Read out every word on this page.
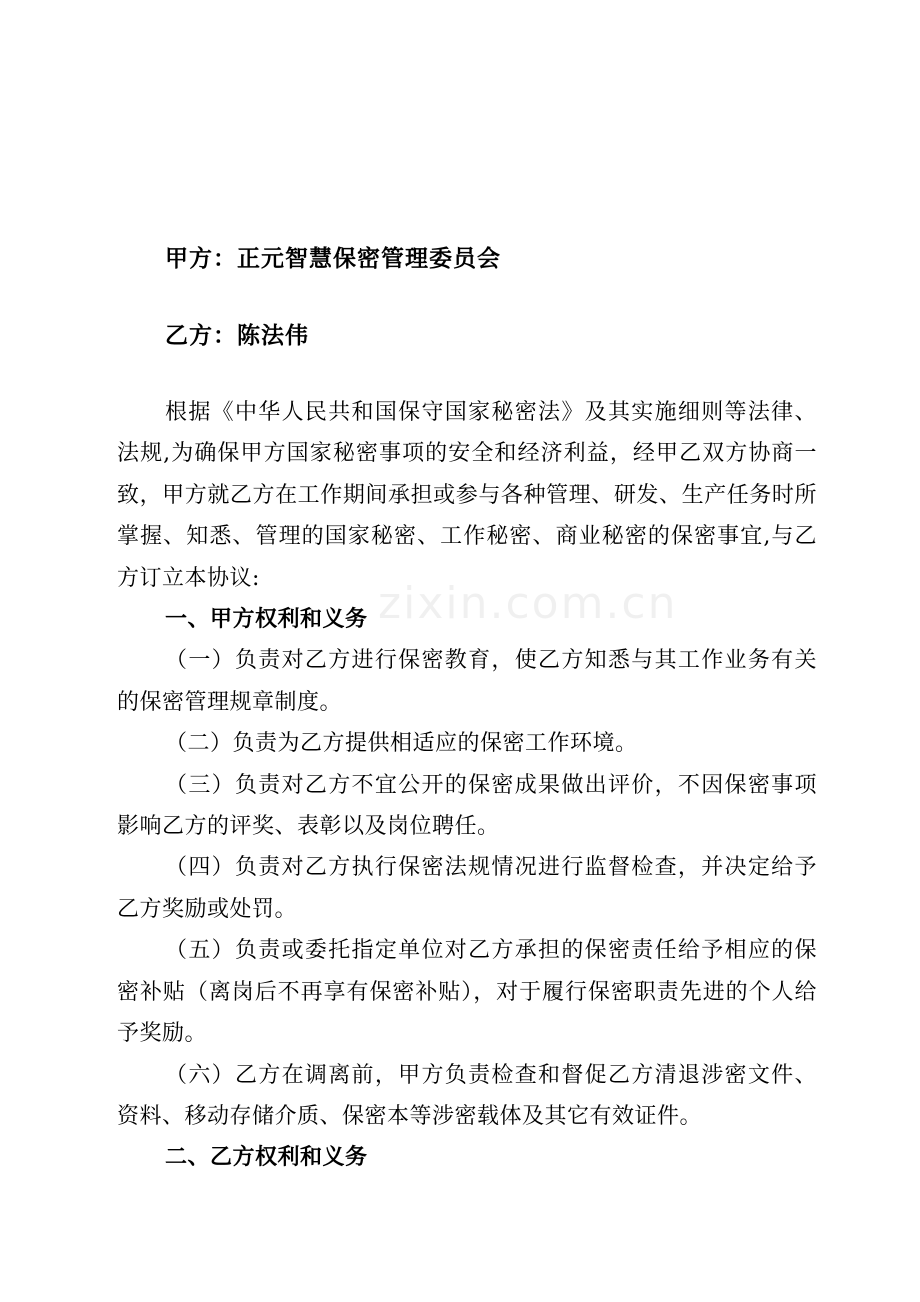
甲方：正元智慧保密管理委员会
乙方：陈法伟

根据《中华人民共和国保守国家秘密法》及其实施细则等法律、法规,为确保甲方国家秘密事项的安全和经济利益，经甲乙双方协商一致，甲方就乙方在工作期间承担或参与各种管理、研发、生产任务时所掌握、知悉、管理的国家秘密、工作秘密、商业秘密的保密事宜,与乙方订立本协议:

一、甲方权利和义务

（一）负责对乙方进行保密教育，使乙方知悉与其工作业务有关的保密管理规章制度。

（二）负责为乙方提供相适应的保密工作环境。

（三）负责对乙方不宜公开的保密成果做出评价，不因保密事项影响乙方的评奖、表彰以及岗位聘任。

（四）负责对乙方执行保密法规情况进行监督检查，并决定给予乙方奖励或处罚。

（五）负责或委托指定单位对乙方承担的保密责任给予相应的保密补贴（离岗后不再享有保密补贴），对于履行保密职责先进的个人给予奖励。

（六）乙方在调离前，甲方负责检查和督促乙方清退涉密文件、资料、移动存储介质、保密本等涉密载体及其它有效证件。

二、乙方权利和义务

zixin.com.cn
